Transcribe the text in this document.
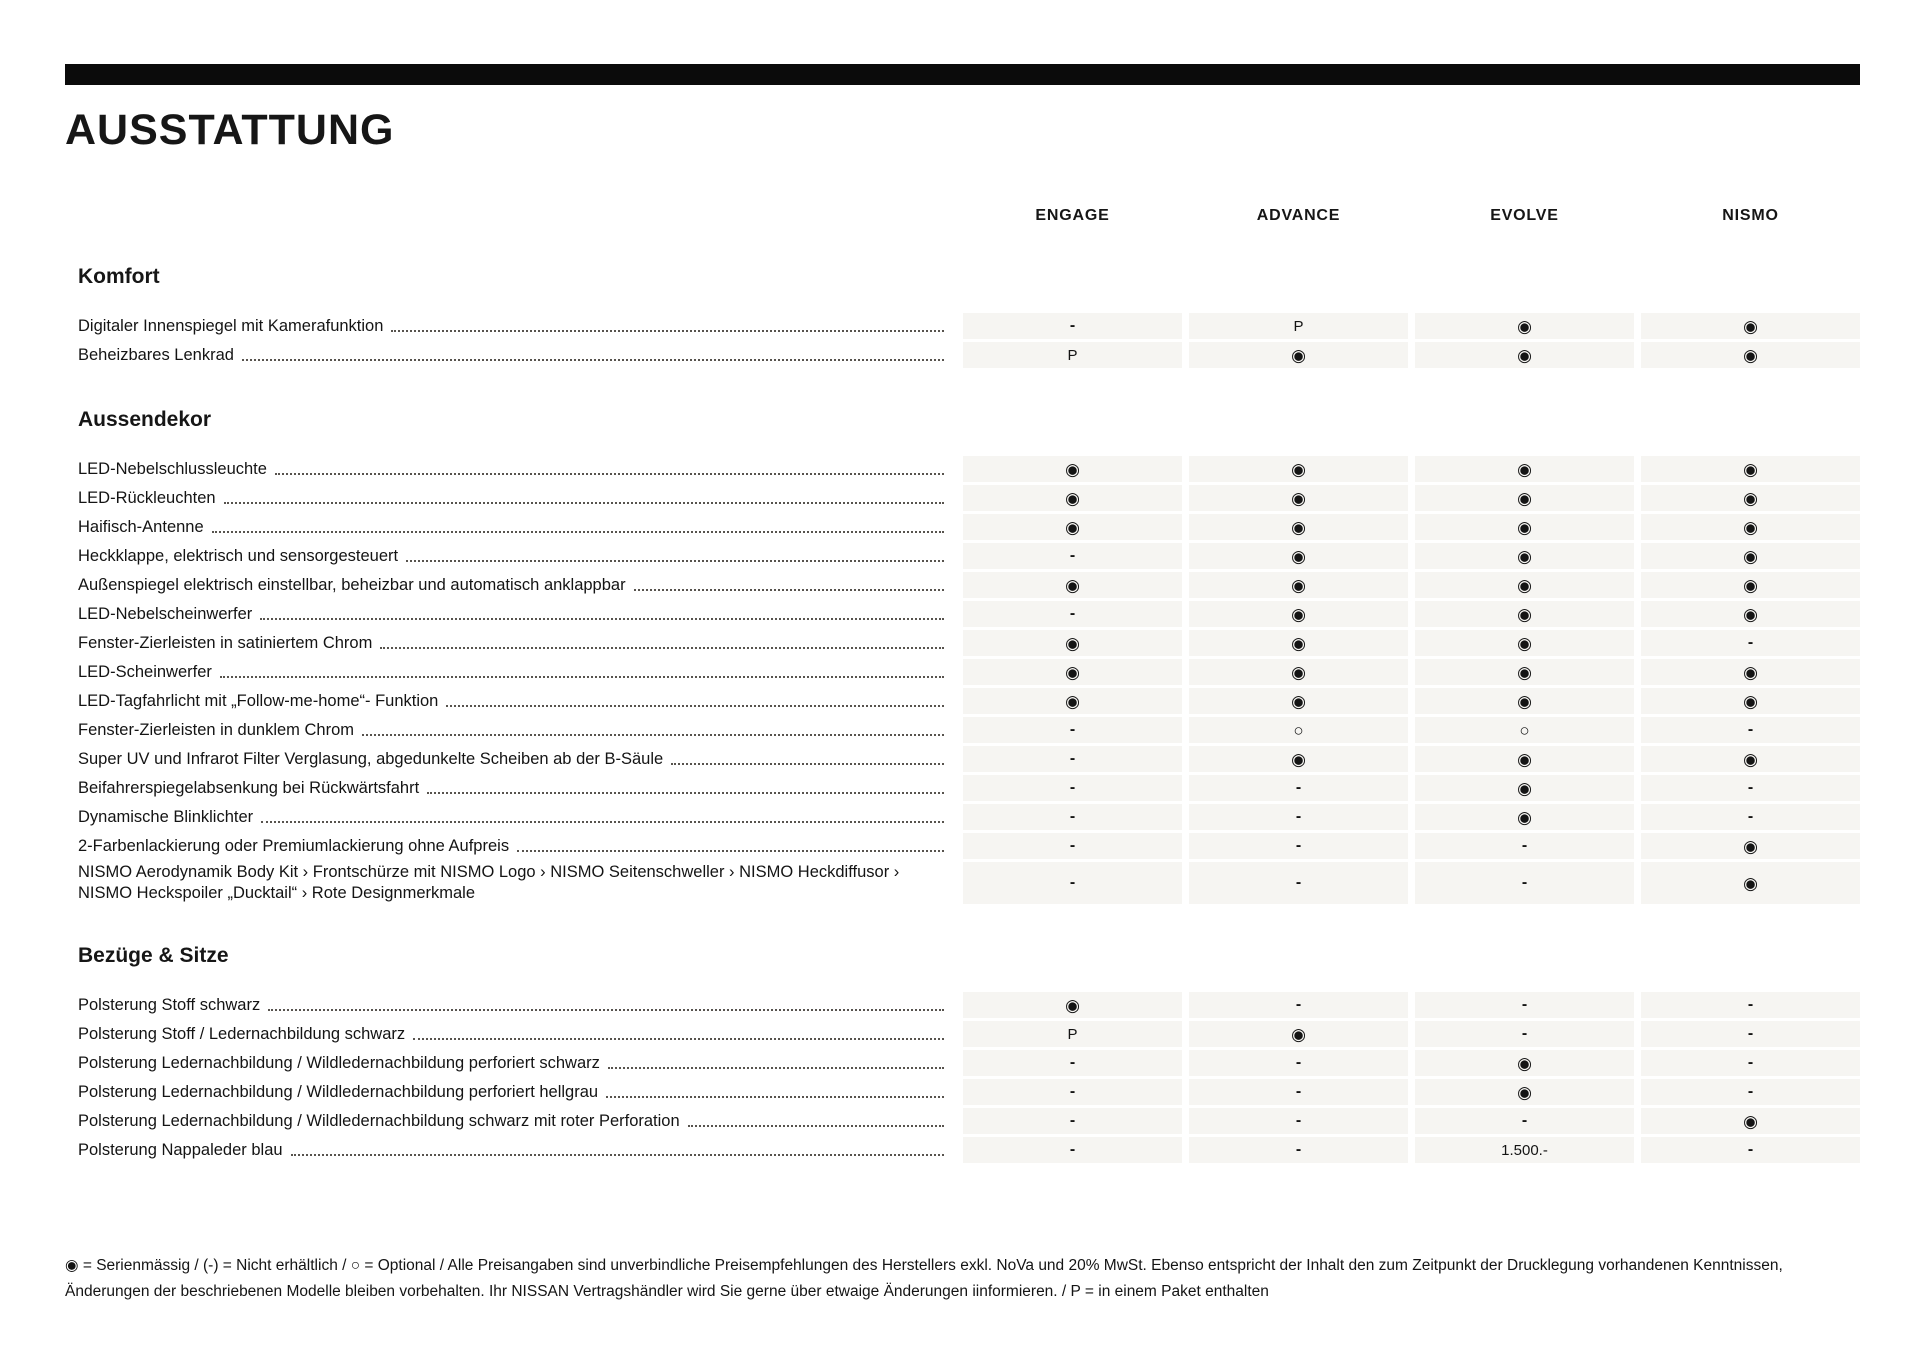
AUSSTATTUNG
ENGAGE	ADVANCE	EVOLVE	NISMO
Komfort
Digitaler Innenspiegel mit Kamerafunktion	-	P	◉	◉
Beheizbares Lenkrad	P	◉	◉	◉
Aussendekor
LED-Nebelschlussleuchte	◉	◉	◉	◉
LED-Rückleuchten	◉	◉	◉	◉
Haifisch-Antenne	◉	◉	◉	◉
Heckklappe, elektrisch und sensorgesteuert	-	◉	◉	◉
Außenspiegel elektrisch einstellbar, beheizbar und automatisch anklappbar	◉	◉	◉	◉
LED-Nebelscheinwerfer	-	◉	◉	◉
Fenster-Zierleisten in satiniertem Chrom	◉	◉	◉	-
LED-Scheinwerfer	◉	◉	◉	◉
LED-Tagfahrlicht mit „Follow-me-home“- Funktion	◉	◉	◉	◉
Fenster-Zierleisten in dunklem Chrom	-	○	○	-
Super UV und Infrarot Filter Verglasung, abgedunkelte Scheiben ab der B-Säule	-	◉	◉	◉
Beifahrerspiegelabsenkung bei Rückwärtsfahrt	-	-	◉	-
Dynamische Blinklichter	-	-	◉	-
2-Farbenlackierung oder Premiumlackierung ohne Aufpreis	-	-	-	◉
NISMO Aerodynamik Body Kit › Frontschürze mit NISMO Logo › NISMO Seitenschweller › NISMO Heckdiffusor › NISMO Heckspoiler „Ducktail“ › Rote Designmerkmale
-	-	-	◉
Bezüge & Sitze
Polsterung Stoff schwarz	◉	-	-	-
Polsterung Stoff / Ledernachbildung schwarz	P	◉	-	-
Polsterung Ledernachbildung / Wildledernachbildung perforiert schwarz	-	-	◉	-
Polsterung Ledernachbildung / Wildledernachbildung perforiert hellgrau	-	-	◉	-
Polsterung Ledernachbildung / Wildledernachbildung schwarz mit roter Perforation	-	-	-	◉
Polsterung Nappaleder blau	-	-	1.500.-	-

◉ = Serienmässig / (-) = Nicht erhältlich / ○ = Optional / Alle Preisangaben sind unverbindliche Preisempfehlungen des Herstellers exkl. NoVa und 20% MwSt. Ebenso entspricht der Inhalt den zum Zeitpunkt der Drucklegung vorhandenen Kenntnissen, Änderungen der beschriebenen Modelle bleiben vorbehalten. Ihr NISSAN Vertragshändler wird Sie gerne über etwaige Änderungen iinformieren. / P = in einem Paket enthalten
